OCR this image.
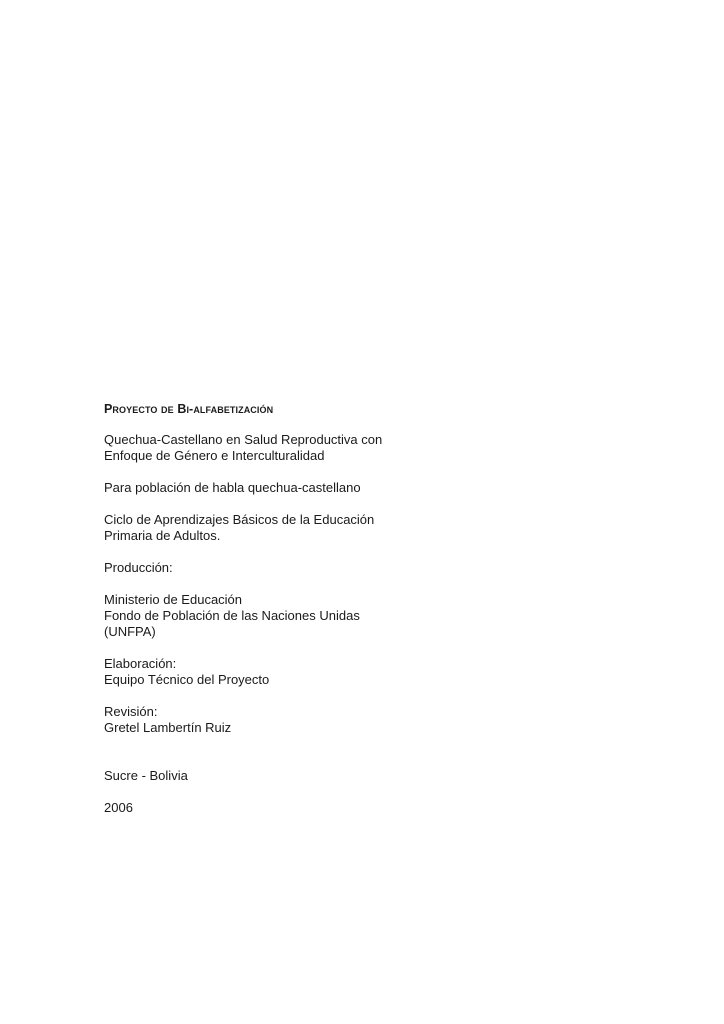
Proyecto de Bi-alfabetización
Quechua-Castellano en Salud Reproductiva con
Enfoque de Género e Interculturalidad
Para población de habla quechua-castellano
Ciclo de Aprendizajes Básicos de la Educación
Primaria de Adultos.
Producción:
Ministerio de Educación
Fondo de Población de las Naciones Unidas
(UNFPA)
Elaboración:
Equipo Técnico del Proyecto
Revisión:
Gretel Lambertín Ruiz
Sucre - Bolivia
2006
